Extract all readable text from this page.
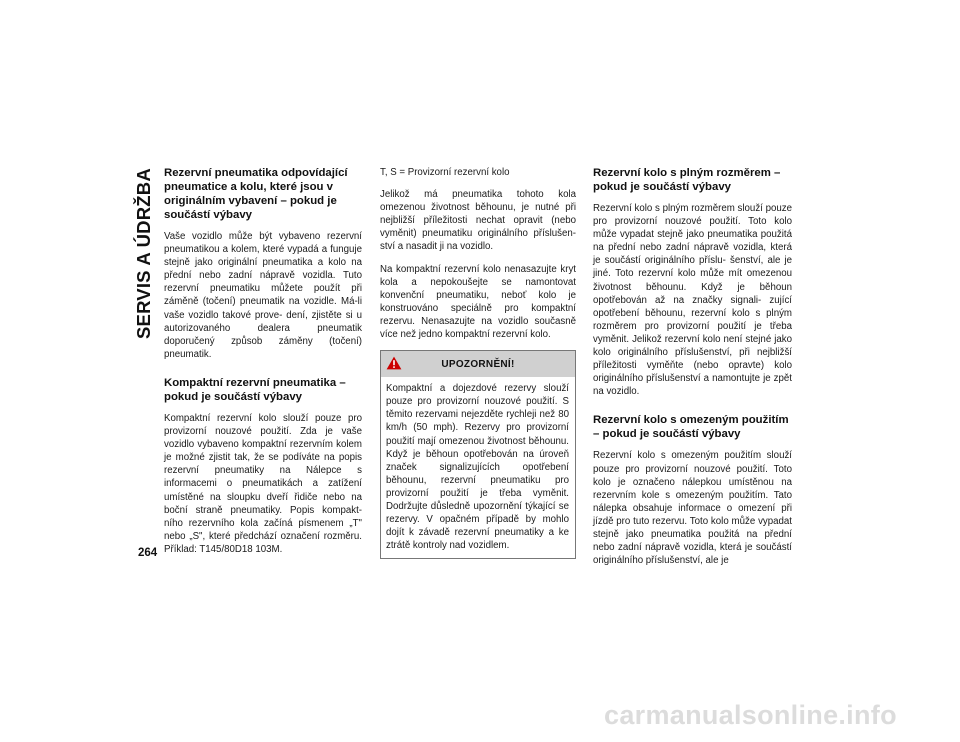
SERVIS A ÚDRŽBA
264
Rezervní pneumatika odpovídající pneumatice a kolu, které jsou v originálním vybavení – pokud je součástí výbavy

Vaše vozidlo může být vybaveno rezervní pneumatikou a kolem, které vypadá a funguje stejně jako originální pneumatika a kolo na přední nebo zadní nápravě vozidla. Tuto rezervní pneumatiku můžete použít při záměně (točení) pneumatik na vozidle. Má-li vaše vozidlo takové prove- dení, zjistěte si u autorizovaného dealera pneumatik doporučený způsob záměny (točení) pneumatik.

Kompaktní rezervní pneumatika – pokud je součástí výbavy

Kompaktní rezervní kolo slouží pouze pro provizorní nouzové použití. Zda je vaše vozidlo vybaveno kompaktní rezervním kolem je možné zjistit tak, že se podíváte na popis rezervní pneumatiky na Nálepce s informacemi o pneumatikách a zatížení umístěné na sloupku dveří řidiče nebo na boční straně pneumatiky. Popis kompakt- ního rezervního kola začíná písmenem „T" nebo „S", které předchází označení rozměru. Příklad: T145/80D18 103M.

T, S = Provizorní rezervní kolo

Jelikož má pneumatika tohoto kola omezenou životnost běhounu, je nutné při nejbližší příležitosti nechat opravit (nebo vyměnit) pneumatiku originálního příslušen- ství a nasadit ji na vozidlo.

Na kompaktní rezervní kolo nenasazujte kryt kola a nepokoušejte se namontovat konvenční pneumatiku, neboť kolo je konstruováno speciálně pro kompaktní rezervu. Nenasazujte na vozidlo současně více než jedno kompaktní rezervní kolo.

UPOZORNĚNÍ!

Kompaktní a dojezdové rezervy slouží pouze pro provizorní nouzové použití. S těmito rezervami nejezděte rychleji než 80 km/h (50 mph). Rezervy pro provizorní použití mají omezenou životnost běhounu. Když je běhoun opotřebován na úroveň značek signalizujících opotřebení běhounu, rezervní pneumatiku pro provizorní použití je třeba vyměnit. Dodržujte důsledně upozornění týkající se rezervy. V opačném případě by mohlo dojít k závadě rezervní pneumatiky a ke ztrátě kontroly nad vozidlem.

Rezervní kolo s plným rozměrem – pokud je součástí výbavy

Rezervní kolo s plným rozměrem slouží pouze pro provizorní nouzové použití. Toto kolo může vypadat stejně jako pneumatika použitá na přední nebo zadní nápravě vozidla, která je součástí originálního příslu- šenství, ale je jiné. Toto rezervní kolo může mít omezenou životnost běhounu. Když je běhoun opotřebován až na značky signali- zující opotřebení běhounu, rezervní kolo s plným rozměrem pro provizorní použití je třeba vyměnit. Jelikož rezervní kolo není stejné jako kolo originálního příslušenství, při nejbližší příležitosti vyměňte (nebo opravte) kolo originálního příslušenství a namontujte je zpět na vozidlo.

Rezervní kolo s omezeným použitím – pokud je součástí výbavy

Rezervní kolo s omezeným použitím slouží pouze pro provizorní nouzové použití. Toto kolo je označeno nálepkou umístěnou na rezervním kole s omezeným použitím. Tato nálepka obsahuje informace o omezení při jízdě pro tuto rezervu. Toto kolo může vypadat stejně jako pneumatika použitá na přední nebo zadní nápravě vozidla, která je součástí originálního příslušenství, ale je

carmanualsonline.info
